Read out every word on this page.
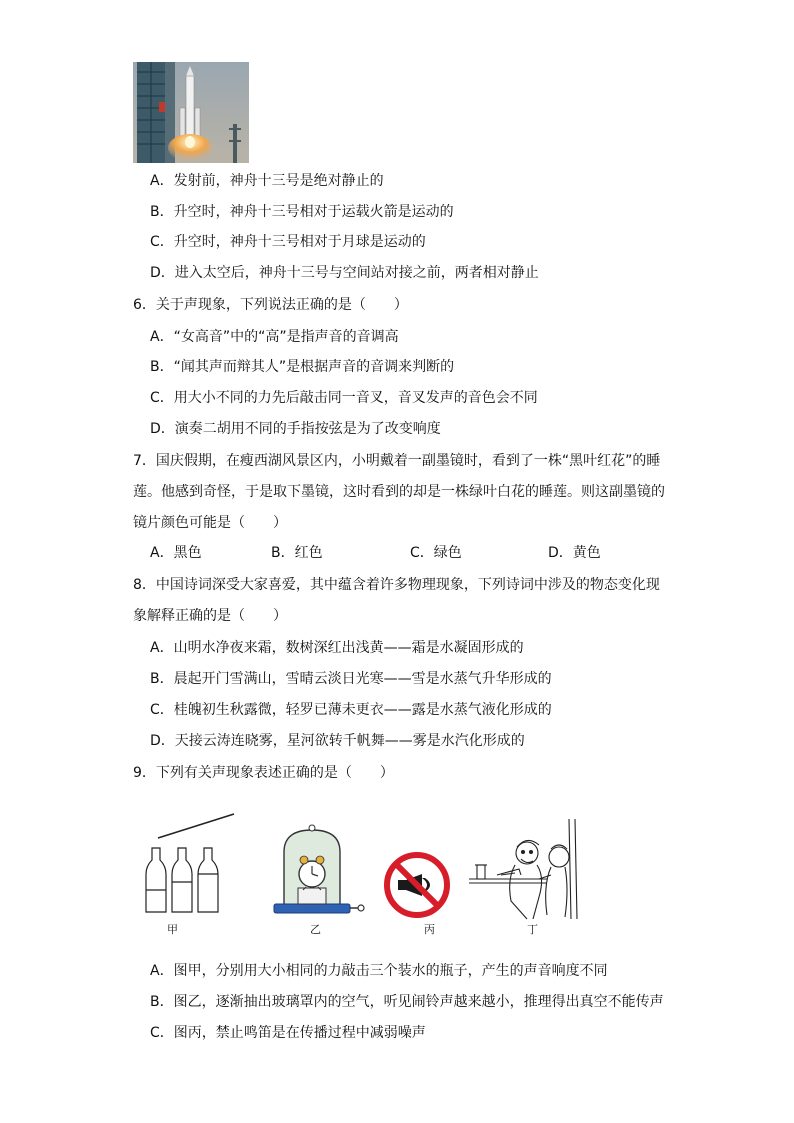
A．发射前，神舟十三号是绝对静止的
B．升空时，神舟十三号相对于运载火箭是运动的
C．升空时，神舟十三号相对于月球是运动的
D．进入太空后，神舟十三号与空间站对接之前，两者相对静止
6．关于声现象，下列说法正确的是（　　）
A．“女高音”中的“高”是指声音的音调高
B．“闻其声而辩其人”是根据声音的音调来判断的
C．用大小不同的力先后敲击同一音叉，音叉发声的音色会不同
D．演奏二胡用不同的手指按弦是为了改变响度
7．国庆假期，在瘦西湖风景区内，小明戴着一副墨镜时，看到了一株“黑叶红花”的睡
莲。他感到奇怪，于是取下墨镜，这时看到的却是一株绿叶白花的睡莲。则这副墨镜的
镜片颜色可能是（　　）
A．黑色	B．红色	C．绿色	D．黄色
8．中国诗词深受大家喜爱，其中蕴含着许多物理现象，下列诗词中涉及的物态变化现
象解释正确的是（　　）
A．山明水净夜来霜，数树深红出浅黄——霜是水凝固形成的
B．晨起开门雪满山，雪晴云淡日光寒——雪是水蒸气升华形成的
C．桂魄初生秋露微，轻罗已薄未更衣——露是水蒸气液化形成的
D．天接云涛连晓雾，星河欲转千帆舞——雾是水汽化形成的
9．下列有关声现象表述正确的是（　　）
甲	乙	丙	丁
A．图甲，分别用大小相同的力敲击三个装水的瓶子，产生的声音响度不同
B．图乙，逐渐抽出玻璃罩内的空气，听见闹铃声越来越小，推理得出真空不能传声
C．图丙，禁止鸣笛是在传播过程中减弱噪声
